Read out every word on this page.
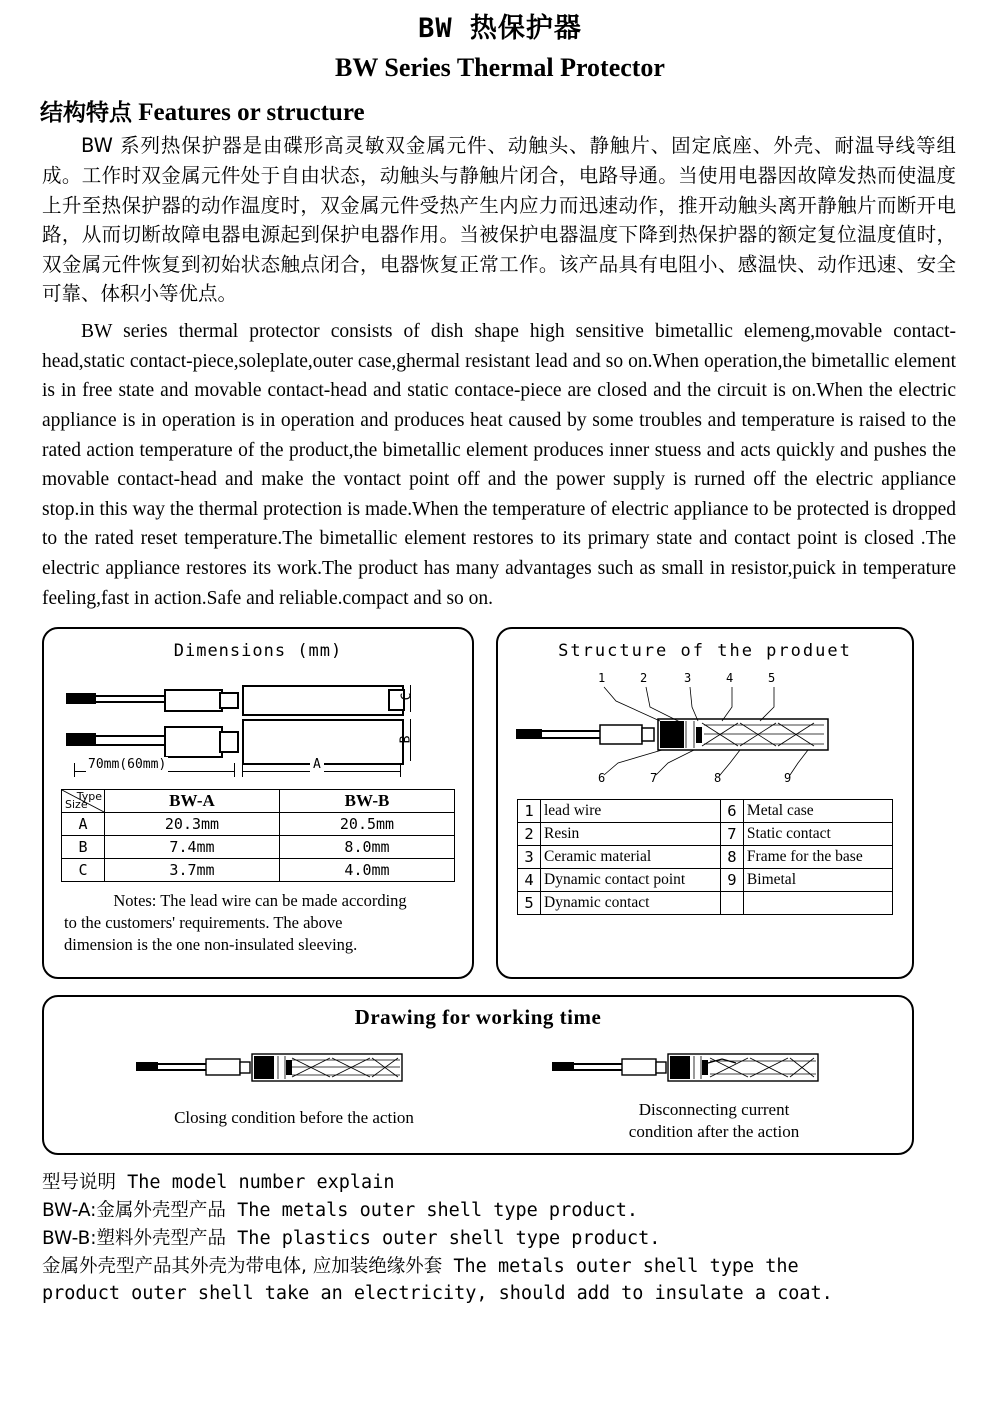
BW 热保护器
BW Series Thermal Protector
结构特点 Features or structure
BW 系列热保护器是由碟形高灵敏双金属元件、动触头、静触片、固定底座、外壳、耐温导线等组成。工作时双金属元件处于自由状态，动触头与静触片闭合，电路导通。当使用电器因故障发热而使温度上升至热保护器的动作温度时，双金属元件受热产生内应力而迅速动作，推开动触头离开静触片而断开电路，从而切断故障电器电源起到保护电器作用。当被保护电器温度下降到热保护器的额定复位温度值时，双金属元件恢复到初始状态触点闭合，电器恢复正常工作。该产品具有电阻小、感温快、动作迅速、安全可靠、体积小等优点。
BW series thermal protector consists of dish shape high sensitive bimetallic elemeng,movable contact-head,static contact-piece,soleplate,outer case,ghermal resistant lead and so on.When operation,the bimetallic element is in free state and movable contact-head and static contace-piece are closed and the circuit is on.When the electric appliance is in operation is in operation and produces heat caused by some troubles and temperature is raised to the rated action temperature of the product,the bimetallic element produces inner stuess and acts quickly and pushes the movable contact-head and make the vontact point off and the power supply is rurned off the electric appliance stop.in this way the thermal protection is made.When the temperature of electric appliance to be protected is dropped to the rated reset temperature.The bimetallic element restores to its primary state and contact point is closed .The electric appliance restores its work.The product has many advantages such as small in resistor,puick in temperature feeling,fast in action.Safe and reliable.compact and so on.
Dimensions (mm)
C
B
70mm(60mm)	A
Type
Size	BW-A	BW-B
A	20.3mm	20.5mm
B	7.4mm	8.0mm
C	3.7mm	4.0mm
Notes: The lead wire can be made according
to the customers' requirements. The above
dimension is the one non-insulated sleeving.
Structure of the produet
1	2	3	4	5
6	7	8	9
1	lead wire	6	Metal case
2	Resin	7	Static contact
3	Ceramic material	8	Frame for the base
4	Dynamic contact point	9	Bimetal
5	Dynamic contact		
Drawing for working time
Closing condition before the action	Disconnecting current
condition after the action
型号说明 The model number explain
BW-A:金属外壳型产品 The metals outer shell type product.
BW-B:塑料外壳型产品 The plastics outer shell type product.
金属外壳型产品其外壳为带电体, 应加装绝缘外套 The metals outer shell type the
product outer shell take an electricity, should add to insulate a coat.
